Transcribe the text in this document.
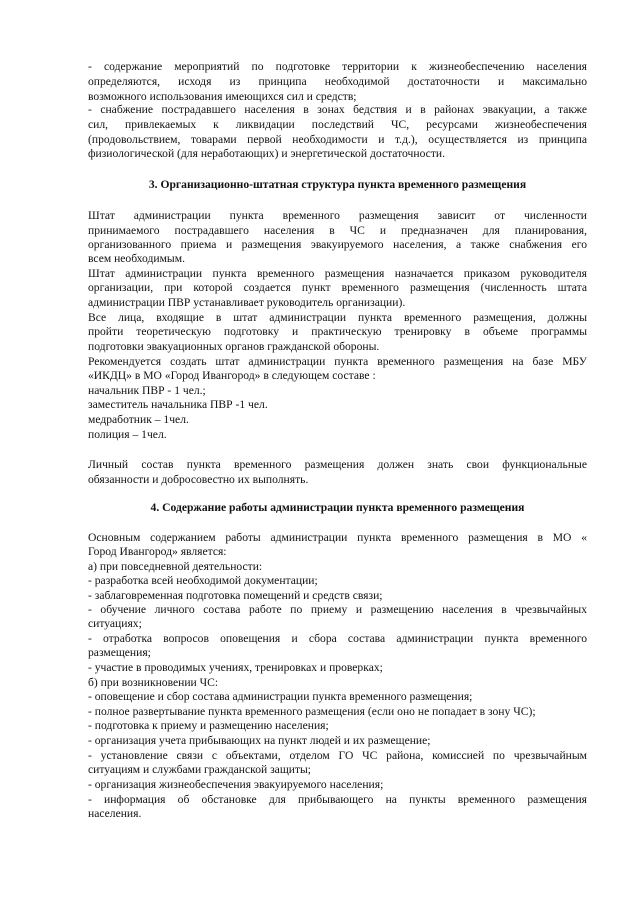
- содержание мероприятий по подготовке территории к жизнеобеспечению населения
определяются, исходя из принципа необходимой достаточности и максимально
возможного использования имеющихся сил и средств;
- снабжение пострадавшего населения в зонах бедствия и в районах эвакуации, а также
сил, привлекаемых к ликвидации последствий ЧС, ресурсами жизнеобеспечения
(продовольствием, товарами первой необходимости и т.д.), осуществляется из принципа
физиологической (для неработающих) и энергетической достаточности.
3. Организационно-штатная структура пункта временного размещения
Штат администрации пункта временного размещения зависит от численности
принимаемого пострадавшего населения в ЧС и предназначен для планирования,
организованного приема и размещения эвакуируемого населения, а также снабжения его
всем необходимым.
Штат администрации пункта временного размещения назначается приказом руководителя
организации, при которой создается пункт временного размещения (численность штата
администрации ПВР устанавливает руководитель организации).
Все лица, входящие в штат администрации пункта временного размещения, должны
пройти теоретическую подготовку и практическую тренировку в объеме программы
подготовки эвакуационных органов гражданской обороны.
Рекомендуется создать штат администрации пункта временного размещения на базе МБУ
«ИКДЦ» в МО «Город Ивангород» в следующем составе :
начальник ПВР - 1 чел.;
заместитель начальника ПВР -1 чел.
медработник – 1чел.
полиция – 1чел.
Личный состав пункта временного размещения должен знать свои функциональные
обязанности и добросовестно их выполнять.
4. Содержание работы администрации пункта временного размещения
Основным содержанием работы администрации пункта временного размещения в МО «
Город Ивангород» является:
а) при повседневной деятельности:
- разработка всей необходимой документации;
- заблаговременная подготовка помещений и средств связи;
- обучение личного состава работе по приему и размещению населения в чрезвычайных
ситуациях;
- отработка вопросов оповещения и сбора состава администрации пункта временного
размещения;
- участие в проводимых учениях, тренировках и проверках;
б) при возникновении ЧС:
- оповещение и сбор состава администрации пункта временного размещения;
- полное развертывание пункта временного размещения (если оно не попадает в зону ЧС);
- подготовка к приему и размещению населения;
- организация учета прибывающих на пункт людей и их размещение;
- установление связи с объектами, отделом ГО ЧС района, комиссией по чрезвычайным
ситуациям и службами гражданской защиты;
- организация жизнеобеспечения эвакуируемого населения;
- информация об обстановке для прибывающего на пункты временного размещения
населения.
